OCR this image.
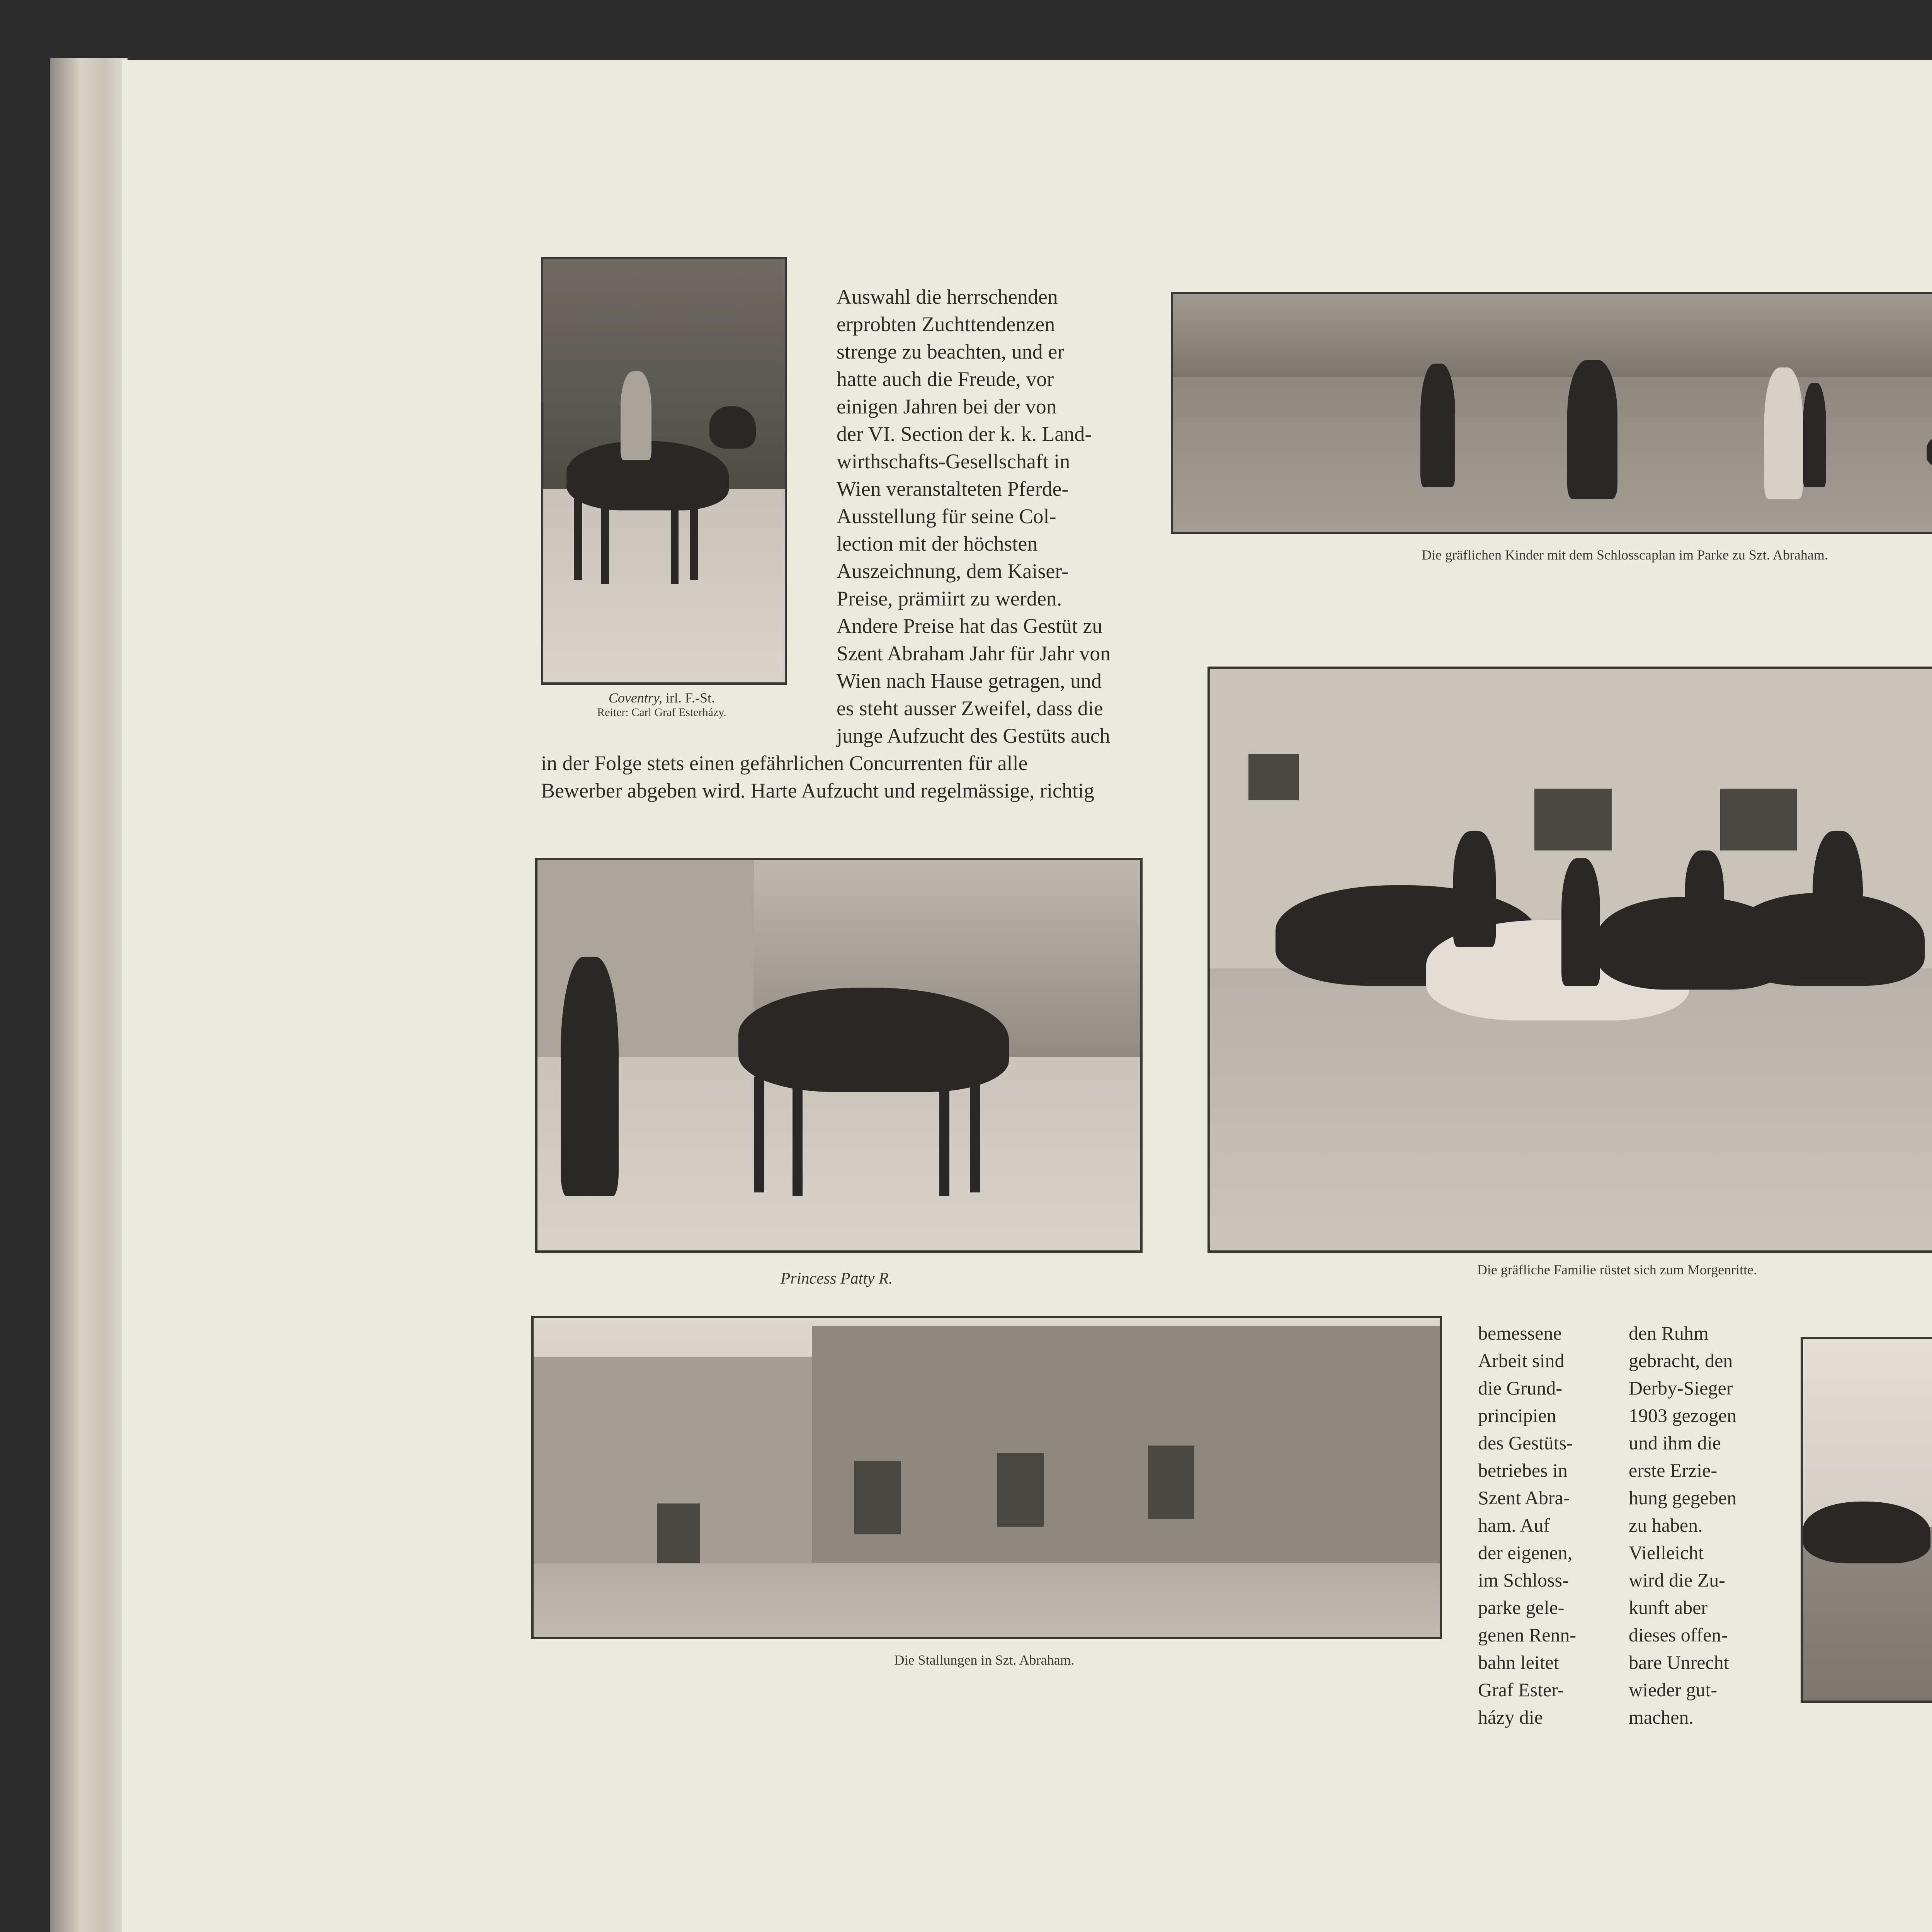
Coventry, irl. F.-St.
Reiter: Carl Graf Esterházy.
Auswahl die herrschenden
erprobten Zuchttendenzen
strenge zu beachten, und er
hatte auch die Freude, vor
einigen Jahren bei der von
der VI. Section der k. k. Land-
wirthschafts-Gesellschaft in
Wien veranstalteten Pferde-
Ausstellung für seine Col-
lection mit der höchsten
Auszeichnung, dem Kaiser-
Preise, prämiirt zu werden.
Andere Preise hat das Gestüt zu
Szent Abraham Jahr für Jahr von
Wien nach Hause getragen, und
es steht ausser Zweifel, dass die
junge Aufzucht des Gestüts auch
in der Folge stets einen gefährlichen Concurrenten für alle
Bewerber abgeben wird. Harte Aufzucht und regelmässige, richtig
Die gräflichen Kinder mit dem Schlosscaplan im Parke zu Szt. Abraham.
Princess Patty R.	Die gräfliche Familie rüstet sich zum Morgenritte.
Die Stallungen in Szt. Abraham.
bemessene
Arbeit sind
die Grund-
principien
des Gestüts-
betriebes in
Szent Abra-
ham. Auf
der eigenen,
im Schloss-
parke gele-
genen Renn-
bahn leitet
Graf Ester-
házy die
den Ruhm
gebracht, den
Derby-Sieger
1903 gezogen
und ihm die
erste Erzie-
hung gegeben
zu haben.
Vielleicht
wird die Zu-
kunft aber
dieses offen-
bare Unrecht
wieder gut-
machen.
